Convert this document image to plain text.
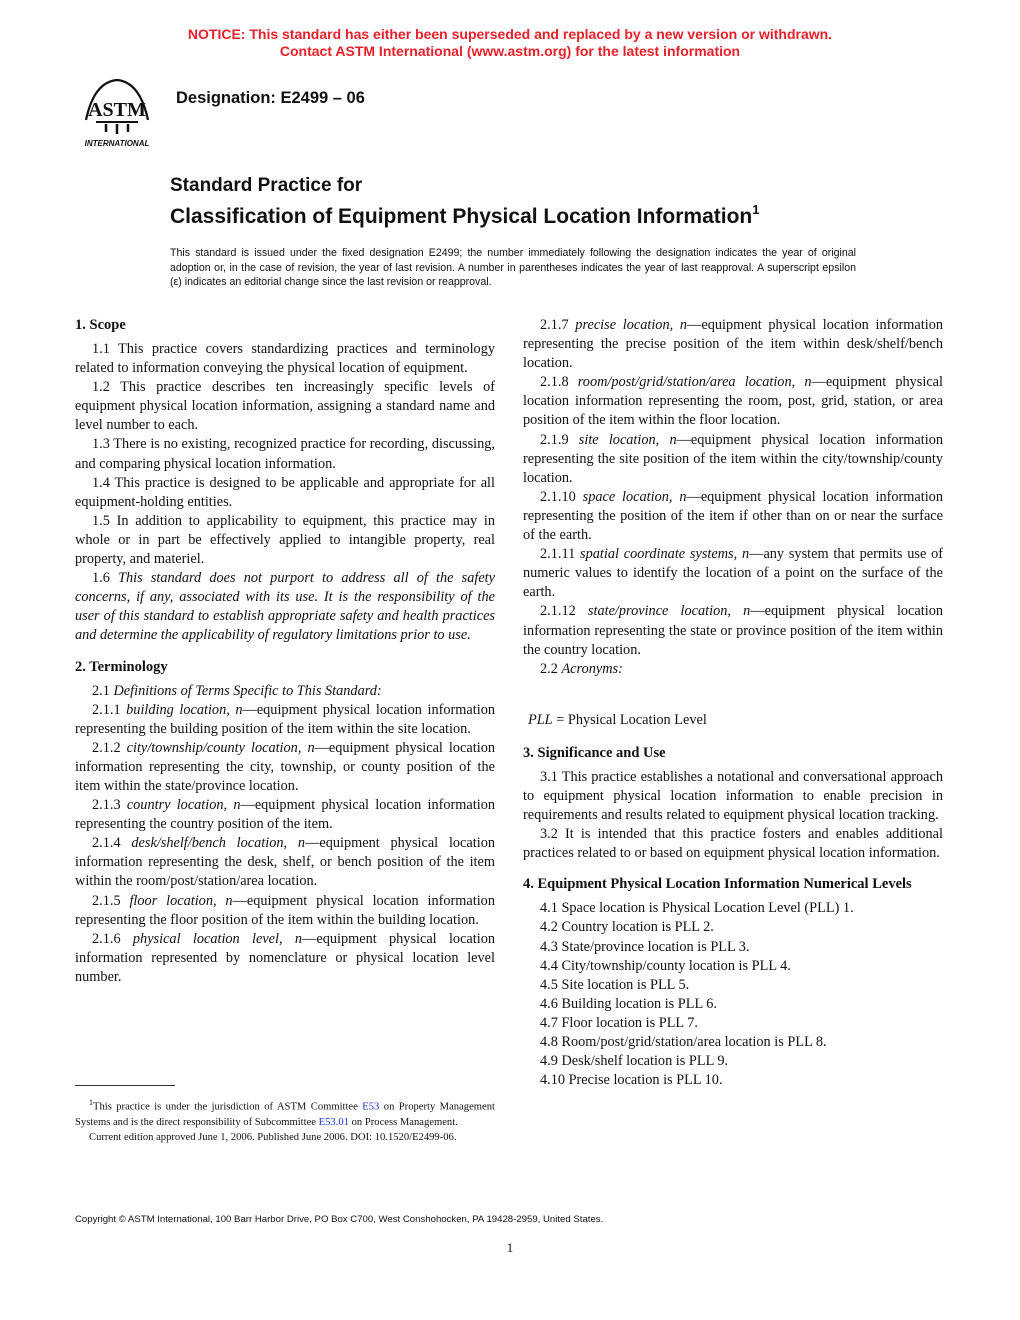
NOTICE: This standard has either been superseded and replaced by a new version or withdrawn.
Contact ASTM International (www.astm.org) for the latest information
ASTM
INTERNATIONAL
Designation: E2499 – 06
Standard Practice for
Classification of Equipment Physical Location Information$^1$
This standard is issued under the fixed designation E2499; the number immediately following the designation indicates the year of original adoption or, in the case of revision, the year of last revision. A number in parentheses indicates the year of last reapproval. A superscript epsilon (ε) indicates an editorial change since the last revision or reapproval.
1. Scope

1.1 This practice covers standardizing practices and terminology related to information conveying the physical location of equipment.

1.2 This practice describes ten increasingly specific levels of equipment physical location information, assigning a standard name and level number to each.

1.3 There is no existing, recognized practice for recording, discussing, and comparing physical location information.

1.4 This practice is designed to be applicable and appropriate for all equipment-holding entities.

1.5 In addition to applicability to equipment, this practice may in whole or in part be effectively applied to intangible property, real property, and materiel.

1.6 This standard does not purport to address all of the safety concerns, if any, associated with its use. It is the responsibility of the user of this standard to establish appropriate safety and health practices and determine the applicability of regulatory limitations prior to use.

2. Terminology

2.1 Definitions of Terms Specific to This Standard:

2.1.1 building location, n—equipment physical location information representing the building position of the item within the site location.

2.1.2 city/township/county location, n—equipment physical location information representing the city, township, or county position of the item within the state/province location.

2.1.3 country location, n—equipment physical location information representing the country position of the item.

2.1.4 desk/shelf/bench location, n—equipment physical location information representing the desk, shelf, or bench position of the item within the room/post/station/area location.

2.1.5 floor location, n—equipment physical location information representing the floor position of the item within the building location.

2.1.6 physical location level, n—equipment physical location information represented by nomenclature or physical location level number.

2.1.7 precise location, n—equipment physical location information representing the precise position of the item within desk/shelf/bench location.

2.1.8 room/post/grid/station/area location, n—equipment physical location information representing the room, post, grid, station, or area position of the item within the floor location.

2.1.9 site location, n—equipment physical location information representing the site position of the item within the city/township/county location.

2.1.10 space location, n—equipment physical location information representing the position of the item if other than on or near the surface of the earth.

2.1.11 spatial coordinate systems, n—any system that permits use of numeric values to identify the location of a point on the surface of the earth.

2.1.12 state/province location, n—equipment physical location information representing the state or province position of the item within the country location.

2.2 Acronyms:

PLL = Physical Location Level

3. Significance and Use

3.1 This practice establishes a notational and conversational approach to equipment physical location information to enable precision in requirements and results related to equipment physical location tracking.

3.2 It is intended that this practice fosters and enables additional practices related to or based on equipment physical location information.

4. Equipment Physical Location Information Numerical Levels

4.1 Space location is Physical Location Level (PLL) 1.

4.2 Country location is PLL 2.

4.3 State/province location is PLL 3.

4.4 City/township/county location is PLL 4.

4.5 Site location is PLL 5.

4.6 Building location is PLL 6.

4.7 Floor location is PLL 7.

4.8 Room/post/grid/station/area location is PLL 8.

4.9 Desk/shelf location is PLL 9.

4.10 Precise location is PLL 10.

$^1$This practice is under the jurisdiction of ASTM Committee E53 on Property Management Systems and is the direct responsibility of Subcommittee E53.01 on Process Management.

Current edition approved June 1, 2006. Published June 2006. DOI: 10.1520/E2499-06.

Copyright © ASTM International, 100 Barr Harbor Drive, PO Box C700, West Conshohocken, PA 19428-2959, United States.
1
